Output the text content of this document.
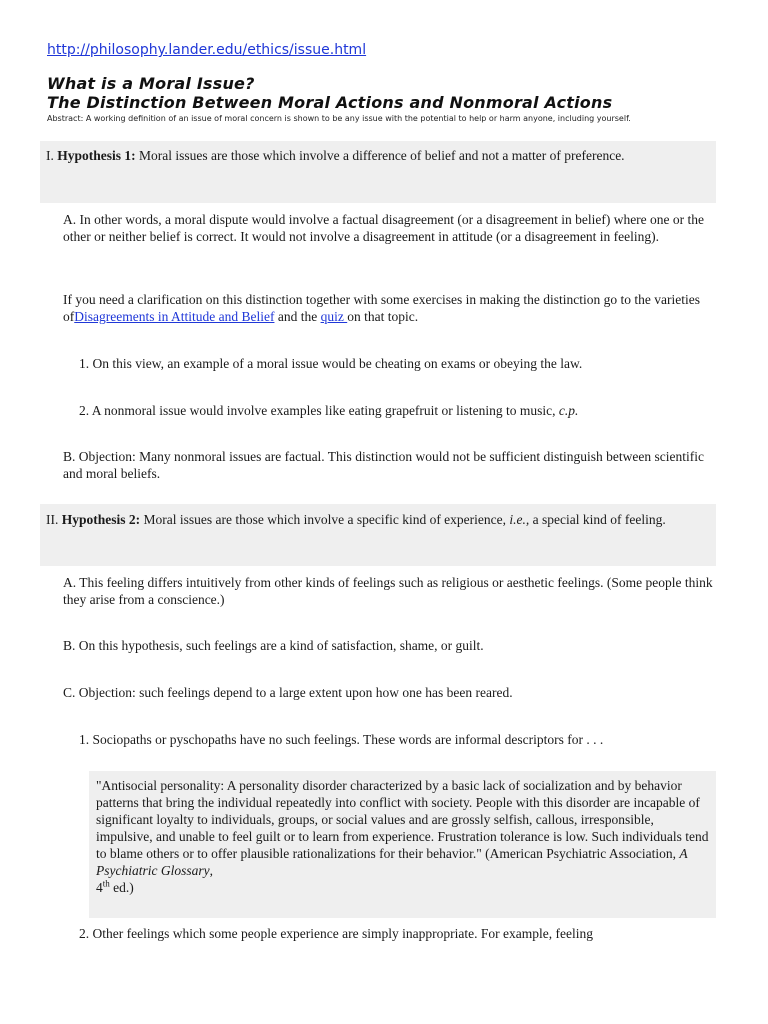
http://philosophy.lander.edu/ethics/issue.html
What is a Moral Issue?
The Distinction Between Moral Actions and Nonmoral Actions
Abstract: A working definition of an issue of moral concern is shown to be any issue with the potential to help or harm anyone, including yourself.
I. Hypothesis 1: Moral issues are those which involve a difference of belief and not a matter of preference.
A. In other words, a moral dispute would involve a factual disagreement (or a disagreement in belief) where one or the other or neither belief is correct. It would not involve a disagreement in attitude (or a disagreement in feeling).
If you need a clarification on this distinction together with some exercises in making the distinction go to the varieties ofDisagreements in Attitude and Belief and the quiz on that topic.
1. On this view, an example of a moral issue would be cheating on exams or obeying the law.
2. A nonmoral issue would involve examples like eating grapefruit or listening to music, c.p.
B. Objection: Many nonmoral issues are factual. This distinction would not be sufficient distinguish between scientific and moral beliefs.
II. Hypothesis 2: Moral issues are those which involve a specific kind of experience, i.e., a special kind of feeling.
A. This feeling differs intuitively from other kinds of feelings such as religious or aesthetic feelings. (Some people think they arise from a conscience.)
B. On this hypothesis, such feelings are a kind of satisfaction, shame, or guilt.
C. Objection: such feelings depend to a large extent upon how one has been reared.
1. Sociopaths or pyschopaths have no such feelings. These words are informal descriptors for . . .
"Antisocial personality: A personality disorder characterized by a basic lack of socialization and by behavior patterns that bring the individual repeatedly into conflict with society. People with this disorder are incapable of significant loyalty to individuals, groups, or social values and are grossly selfish, callous, irresponsible, impulsive, and unable to feel guilt or to learn from experience. Frustration tolerance is low. Such individuals tend to blame others or to offer plausible rationalizations for their behavior." (American Psychiatric Association, A Psychiatric Glossary,
4th ed.)
2. Other feelings which some people experience are simply inappropriate. For example, feeling
